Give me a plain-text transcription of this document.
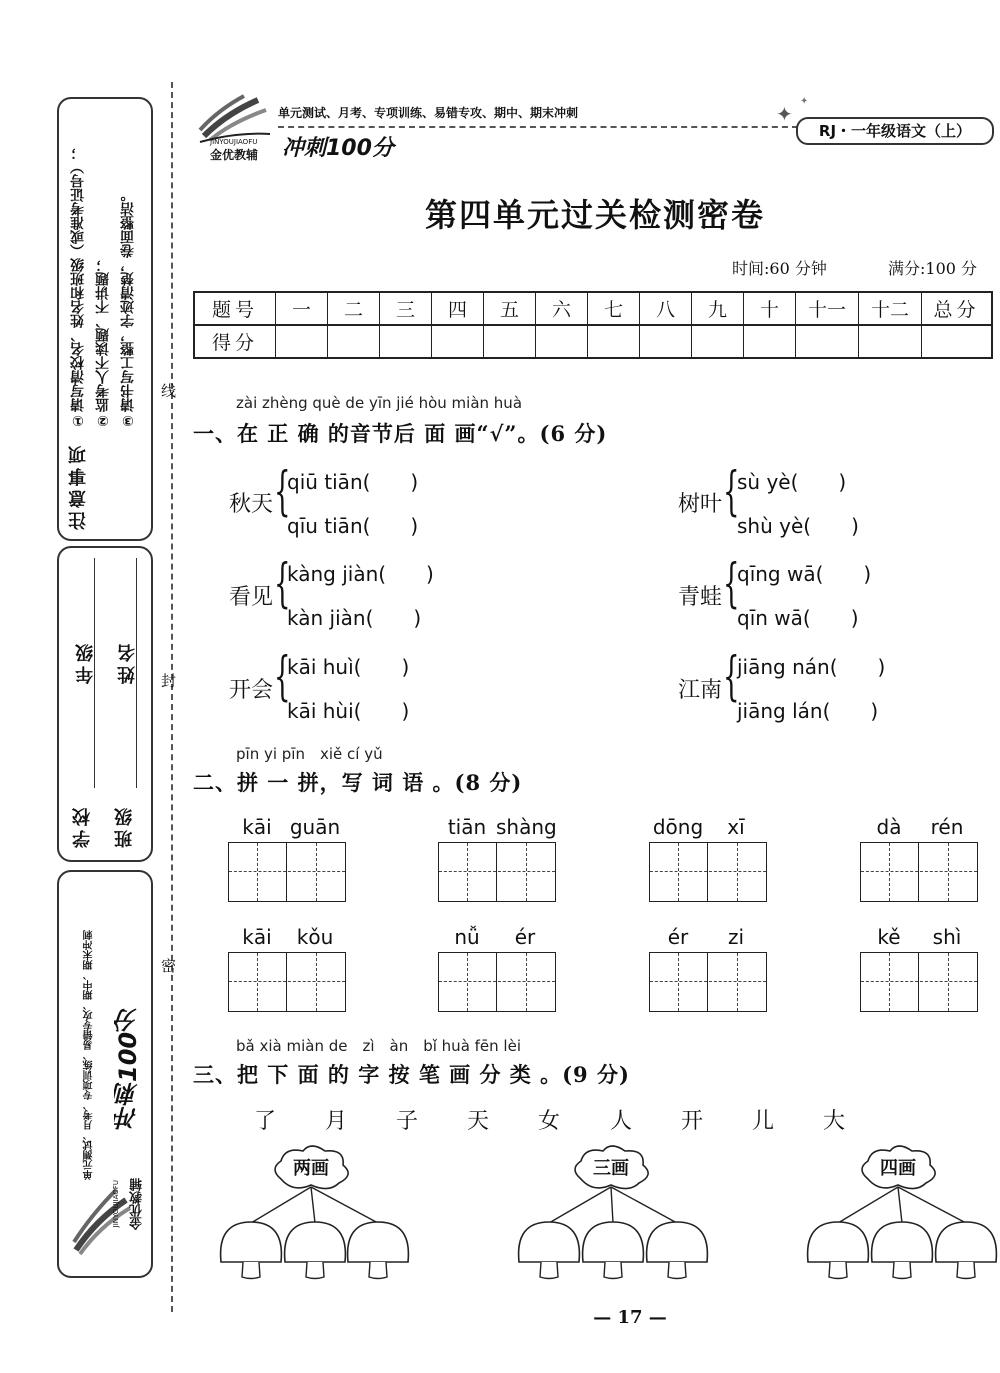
注意事项
①请写清校名、姓名和班级（或准考证号）； ②监考人不读题、不讲题； ③请书写工整，字迹清楚，卷面整洁。
学校
年级
班级
姓名
单元测试、月考、专项训练、易错专攻、期中、期末冲刺 冲刺100分
金优教辅
JINYOUJIAOFU
线
封
密
金优教辅
JINYOUJIAOFU
单元测试、月考、专项训练、易错专攻、期中、期末冲刺
冲刺100分
✦
✦
RJ・一年级语文（上）
第四单元过关检测密卷
时间:60 分钟	满分:100 分
题号	一	二	三	四	五	六	七	八	九	十	十一	十二	总分
得分													
zài zhèng què de yīn jié hòu miàn huà
一、在 正 确 的音节后 面 画“√”。(6 分)
秋天 {
qiū tiān(　　)
qīu tiān(　　)
树叶 {
sù yè(　　)
shù yè(　　)
看见 {
kàng jiàn(　　)
kàn jiàn(　　)
青蛙 {
qīng wā(　　)
qīn wā(　　)
开会 {
kāi huì(　　)
kāi hùi(　　)
江南 {
jiāng nán(　　)
jiāng lán(　　)
pīn yi pīn　xiě cí yǔ
二、拼 一 拼，写 词 语 。(8 分)
kāi guān	tiān shàng	dōng	xī	dà	rén
kāi	kǒu	nǚ	ér	ér	zi	kě	shì
bǎ xià miàn de　zì　àn　bǐ huà fēn lèi
三、把 下 面 的 字 按 笔 画 分 类 。(9 分)
了 月 子 天 女 人 开 儿 大
两画	三画	四画
— 17 —
